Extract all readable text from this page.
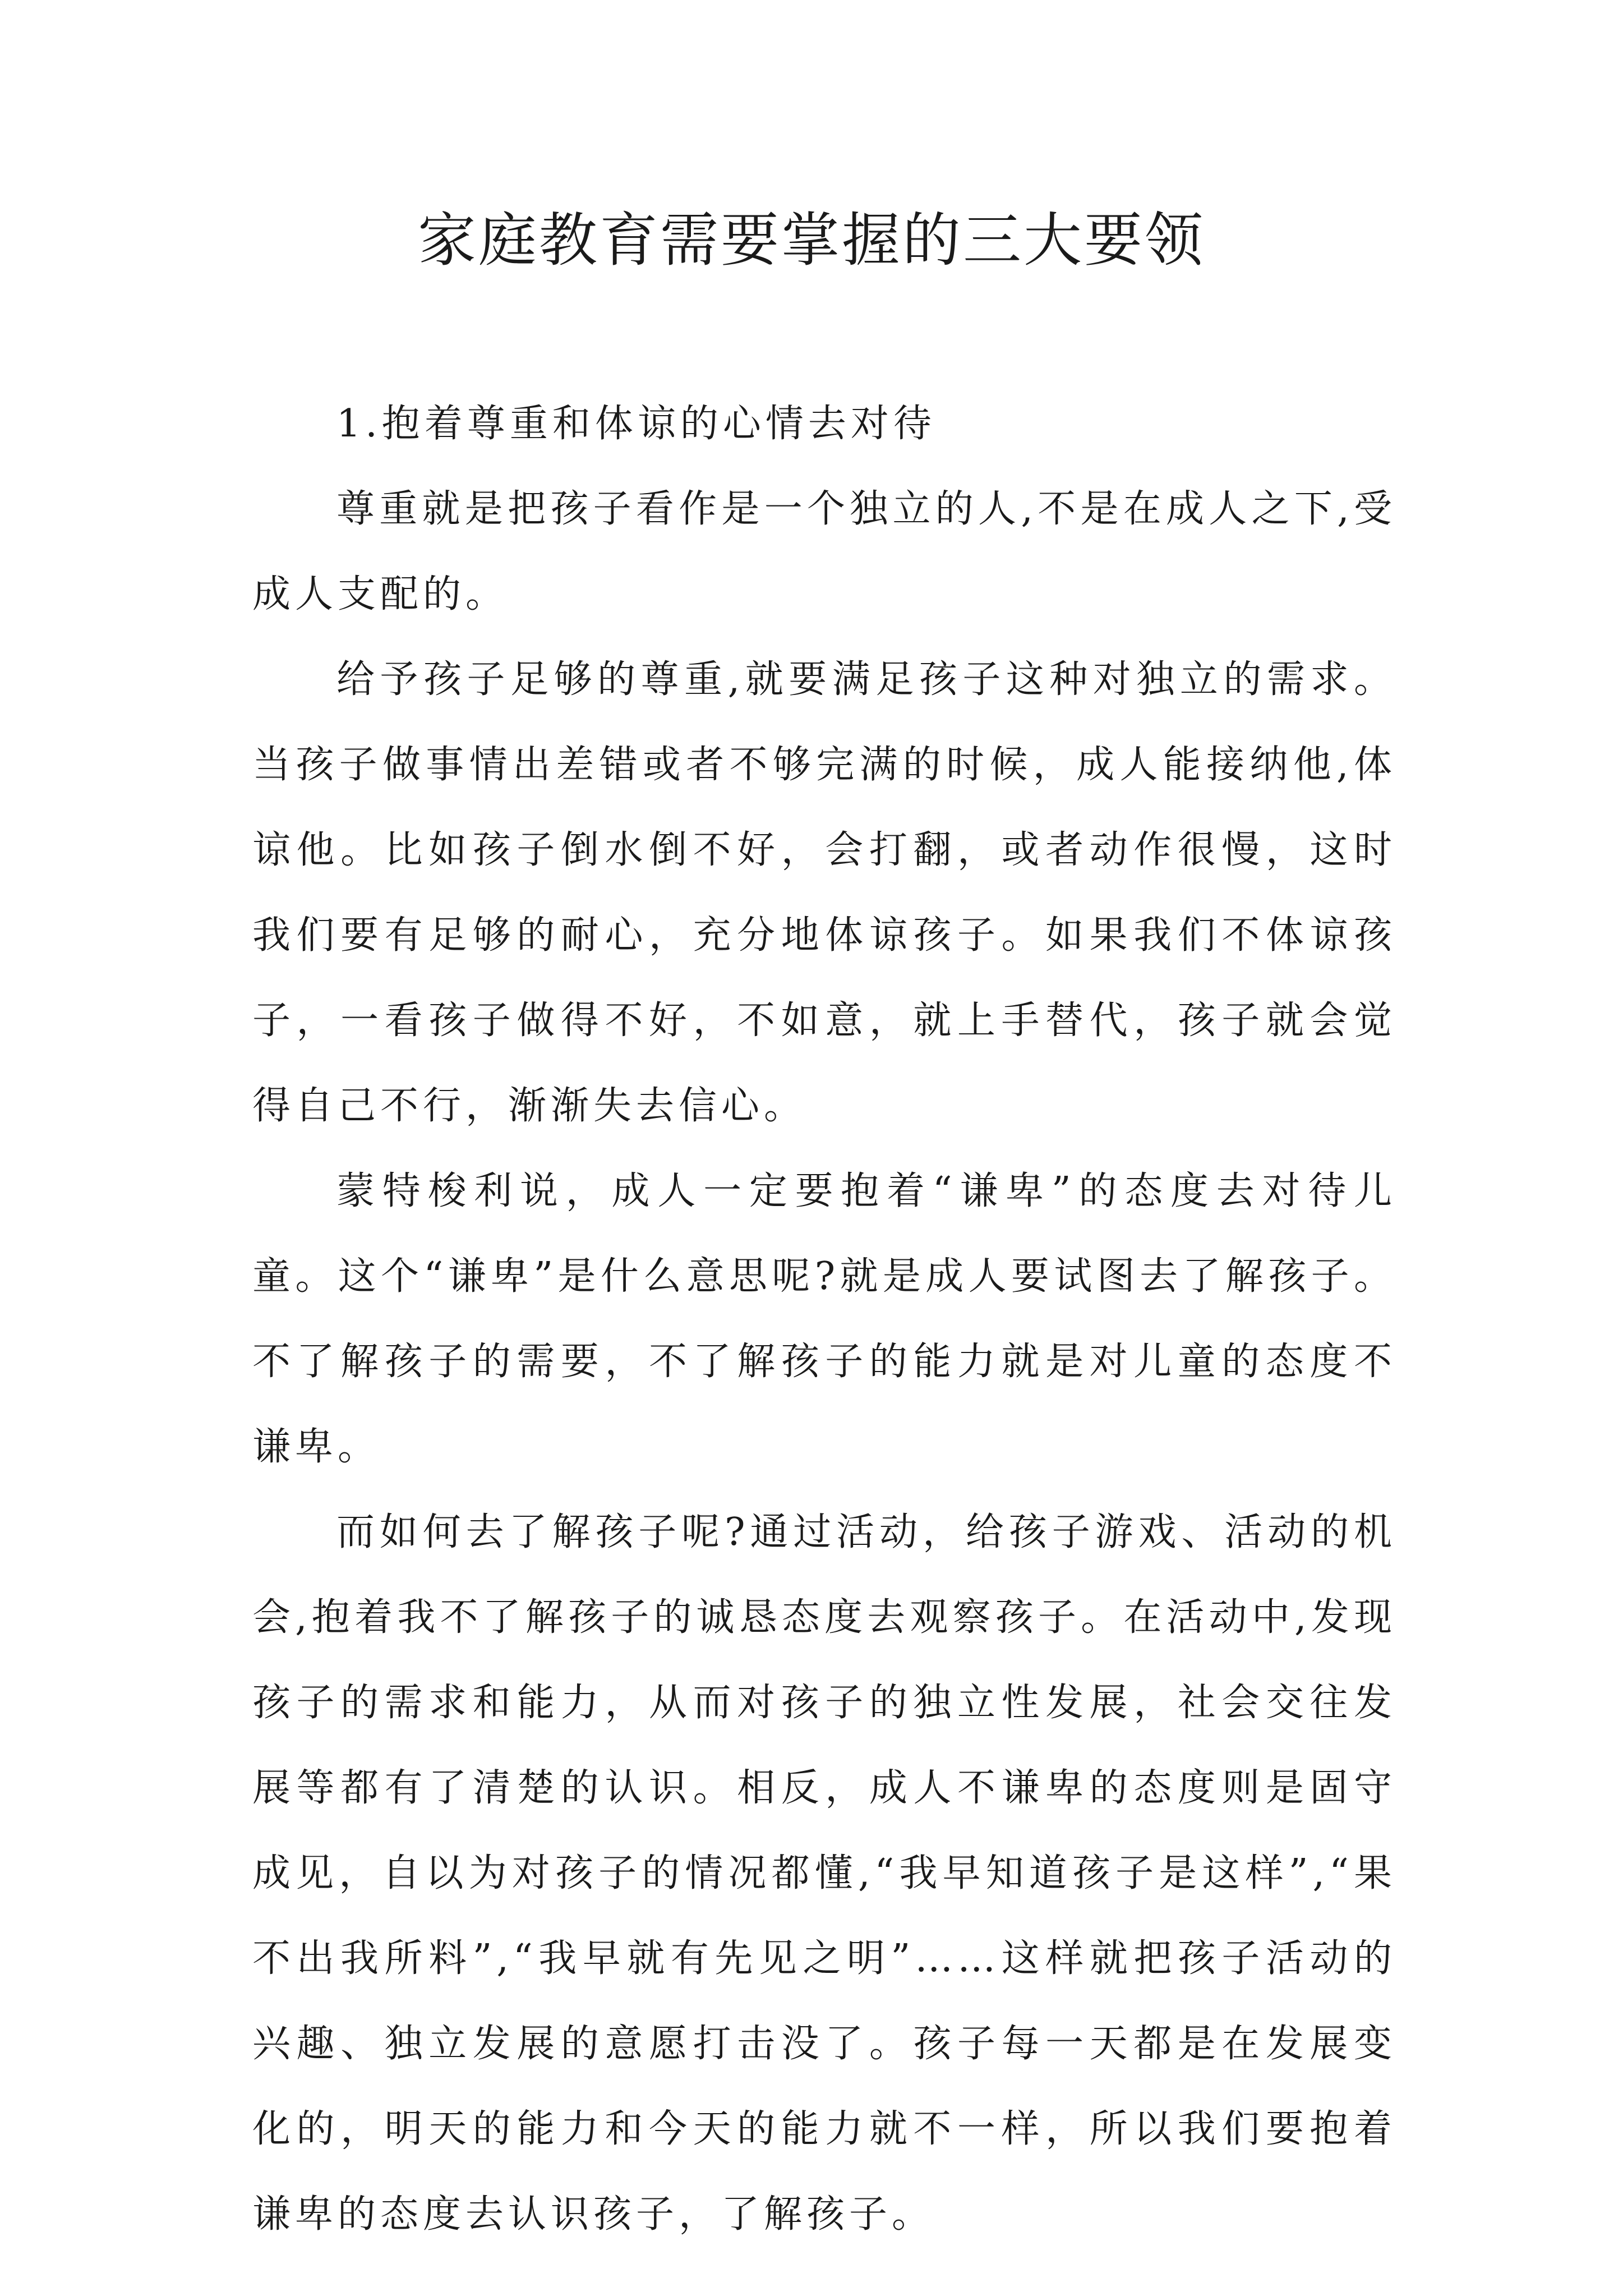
家庭教育需要掌握的三大要领

1.抱着尊重和体谅的心情去对待

尊重就是把孩子看作是一个独立的人,不是在成人之下,受成人支配的。

给予孩子足够的尊重,就要满足孩子这种对独立的需求。当孩子做事情出差错或者不够完满的时候，成人能接纳他,体谅他。比如孩子倒水倒不好，会打翻，或者动作很慢，这时我们要有足够的耐心，充分地体谅孩子。如果我们不体谅孩子，一看孩子做得不好，不如意，就上手替代，孩子就会觉得自己不行，渐渐失去信心。

蒙特梭利说，成人一定要抱着“谦卑”的态度去对待儿童。这个“谦卑”是什么意思呢?就是成人要试图去了解孩子。不了解孩子的需要，不了解孩子的能力就是对儿童的态度不谦卑。

而如何去了解孩子呢?通过活动，给孩子游戏、活动的机会,抱着我不了解孩子的诚恳态度去观察孩子。在活动中,发现孩子的需求和能力，从而对孩子的独立性发展，社会交往发展等都有了清楚的认识。相反，成人不谦卑的态度则是固守成见，自以为对孩子的情况都懂,“我早知道孩子是这样”,“果不出我所料”,“我早就有先见之明”……这样就把孩子活动的兴趣、独立发展的意愿打击没了。孩子每一天都是在发展变化的，明天的能力和今天的能力就不一样，所以我们要抱着谦卑的态度去认识孩子，了解孩子。
